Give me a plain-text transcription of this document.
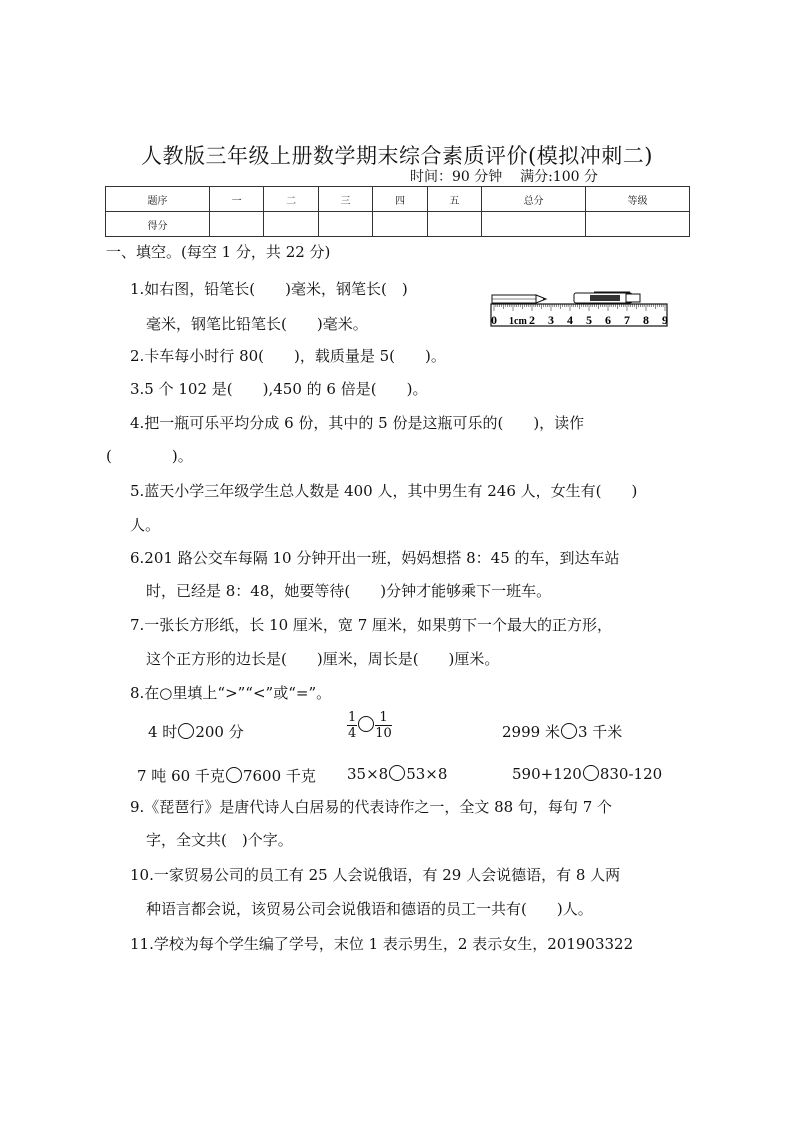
人教版三年级上册数学期末综合素质评价(模拟冲刺二)
时间：90 分钟    满分:100 分
题序	一	二	三	四	五	总分	等级
得分							
一、填空。(每空 1 分，共 22 分)
1.如右图，铅笔长(　　)毫米，钢笔长(　)
毫米，钢笔比铅笔长(　　)毫米。	0 1cm 2 3 4 5 6 7 8 9
2.卡车每小时行 80(　　)，载质量是 5(　　)。
3.5 个 102 是(　　),450 的 6 倍是(　　)。
4.把一瓶可乐平均分成 6 份，其中的 5 份是这瓶可乐的(　　)，读作
(　　　　)。
5.蓝天小学三年级学生总人数是 400 人，其中男生有 246 人，女生有(　　)
人。
6.201 路公交车每隔 10 分钟开出一班，妈妈想搭 8：45 的车，到达车站
时，已经是 8：48，她要等待(　　)分钟才能够乘下一班车。
7.一张长方形纸，长 10 厘米，宽 7 厘米，如果剪下一个最大的正方形，
这个正方形的边长是(　　)厘米，周长是(　　)厘米。
8.在○里填上“>”“<”或“=”。
4 时 200 分	$\frac{1}{4} \frac{1}{10}$	2999 米 3 千米
7 吨 60 千克 7600 千克 35×8 53×8	590+120 830-120
9.《琵琶行》是唐代诗人白居易的代表诗作之一，全文 88 句，每句 7 个
字，全文共(　)个字。
10.一家贸易公司的员工有 25 人会说俄语，有 29 人会说德语，有 8 人两
种语言都会说，该贸易公司会说俄语和德语的员工一共有(　　)人。
11.学校为每个学生编了学号，末位 1 表示男生，2 表示女生，201903322
